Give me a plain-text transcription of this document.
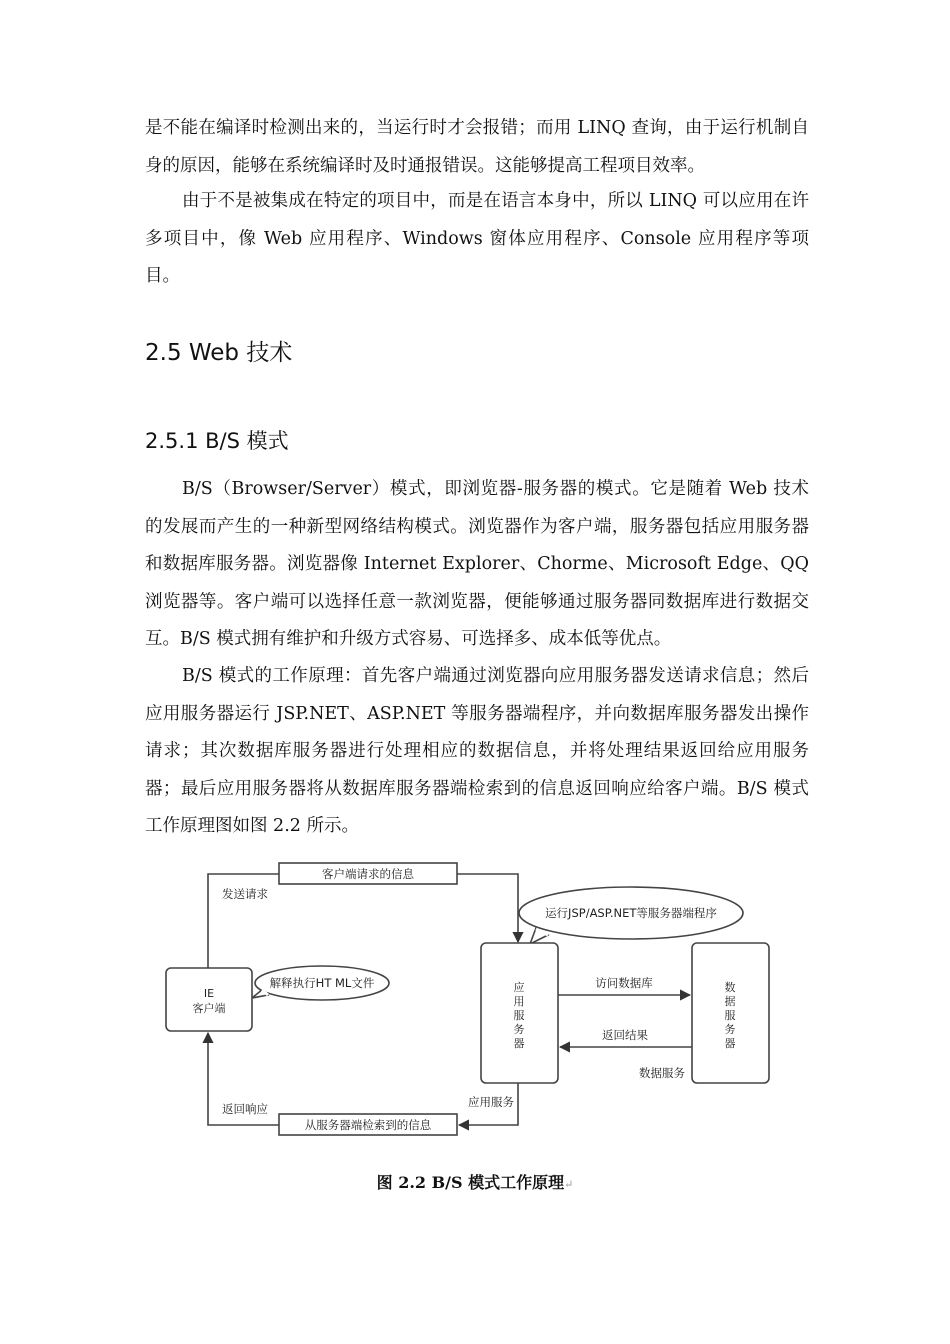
是不能在编译时检测出来的，当运行时才会报错；而用 LINQ 查询，由于运行机制自身的原因，能够在系统编译时及时通报错误。这能够提高工程项目效率。

由于不是被集成在特定的项目中，而是在语言本身中，所以 LINQ 可以应用在许多项目中，像 Web 应用程序、Windows 窗体应用程序、Console 应用程序等项目。

2.5 Web 技术
2.5.1 B/S 模式

B/S（Browser/Server）模式，即浏览器-服务器的模式。它是随着 Web 技术的发展而产生的一种新型网络结构模式。浏览器作为客户端，服务器包括应用服务器和数据库服务器。浏览器像 Internet Explorer、Chorme、Microsoft Edge、QQ 浏览器等。客户端可以选择任意一款浏览器，便能够通过服务器同数据库进行数据交互。B/S 模式拥有维护和升级方式容易、可选择多、成本低等优点。

B/S 模式的工作原理：首先客户端通过浏览器向应用服务器发送请求信息；然后应用服务器运行 JSP.NET、ASP.NET 等服务器端程序，并向数据库服务器发出操作请求；其次数据库服务器进行处理相应的数据信息，并将处理结果返回给应用服务器；最后应用服务器将从数据库服务器端检索到的信息返回响应给客户端。B/S 模式工作原理图如图 2.2 所示。

客户端请求的信息
发送请求
运行JSP/ASP.NET等服务器端程序
IE
客户端
解释执行HT ML文件	应
用
服
务
器
数
据
服
务
器
访问数据库
返回结果
数据服务
应用服务
从服务器端检索到的信息
返回响应
图 2.2 B/S 模式工作原理↵
